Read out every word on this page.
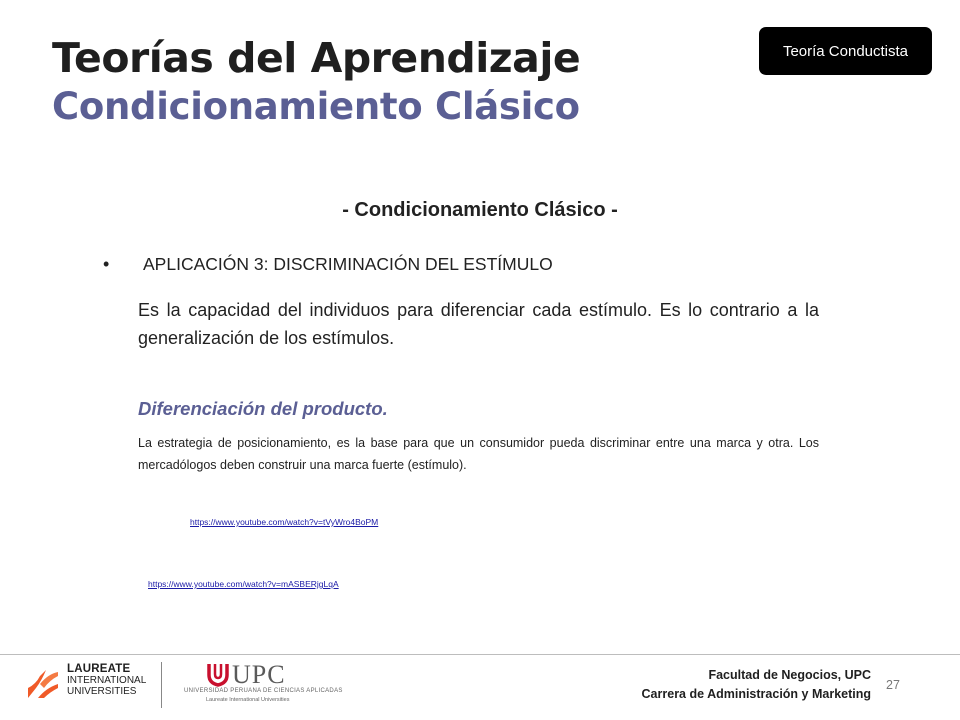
Teorías del Aprendizaje
Condicionamiento Clásico
Teoría Conductista
- Condicionamiento Clásico -
•	APLICACIÓN 3: DISCRIMINACIÓN DEL ESTÍMULO

Es la capacidad del individuos para diferenciar cada estímulo. Es lo contrario a la generalización de los estímulos.

Diferenciación del producto.

La estrategia de posicionamiento, es la base para que un consumidor pueda discriminar entre una marca y otra. Los mercadólogos deben construir una marca fuerte (estímulo).

https://www.youtube.com/watch?v=tVyWro4BoPM
https://www.youtube.com/watch?v=mASBERjgLqA
LAUREATE
INTERNATIONAL
UNIVERSITIES
UPC
UNIVERSIDAD PERUANA DE CIENCIAS APLICADAS
Laureate International Universities
Facultad de Negocios, UPC
Carrera de Administración y Marketing
27
